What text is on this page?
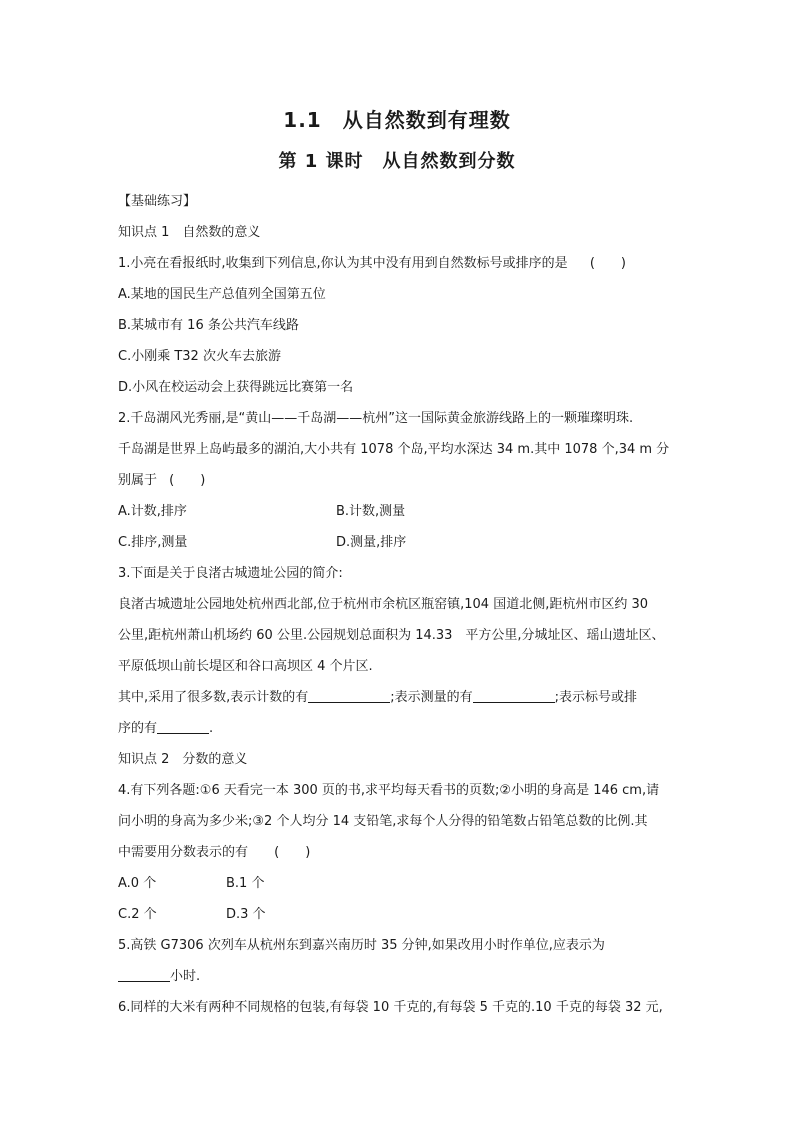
1.1　从自然数到有理数
第 1 课时　从自然数到分数
【基础练习】
知识点 1　自然数的意义
1.小亮在看报纸时,收集到下列信息,你认为其中没有用到自然数标号或排序的是 (　　)
A.某地的国民生产总值列全国第五位
B.某城市有 16 条公共汽车线路
C.小刚乘 T32 次火车去旅游
D.小风在校运动会上获得跳远比赛第一名
2.千岛湖风光秀丽,是“黄山——千岛湖——杭州”这一国际黄金旅游线路上的一颗璀璨明珠.
千岛湖是世界上岛屿最多的湖泊,大小共有 1078 个岛,平均水深达 34 m.其中 1078 个,34 m 分
别属于 (　　)
A.计数,排序	B.计数,测量
C.排序,测量	D.测量,排序
3.下面是关于良渚古城遗址公园的简介:
良渚古城遗址公园地处杭州西北部,位于杭州市余杭区瓶窑镇,104 国道北侧,距杭州市区约 30
公里,距杭州萧山机场约 60 公里.公园规划总面积为 14.33　平方公里,分城址区、瑶山遗址区、
平原低坝山前长堤区和谷口高坝区 4 个片区.
其中,采用了很多数,表示计数的有	;表示测量的有	;表示标号或排
序的有	.
知识点 2　分数的意义
4.有下列各题:①6 天看完一本 300 页的书,求平均每天看书的页数;②小明的身高是 146 cm,请
问小明的身高为多少米;③2 个人均分 14 支铅笔,求每个人分得的铅笔数占铅笔总数的比例.其
中需要用分数表示的有 (　　)
A.0 个	B.1 个
C.2 个	D.3 个
5.高铁 G7306 次列车从杭州东到嘉兴南历时 35 分钟,如果改用小时作单位,应表示为
小时.
6.同样的大米有两种不同规格的包装,有每袋 10 千克的,有每袋 5 千克的.10 千克的每袋 32 元,
